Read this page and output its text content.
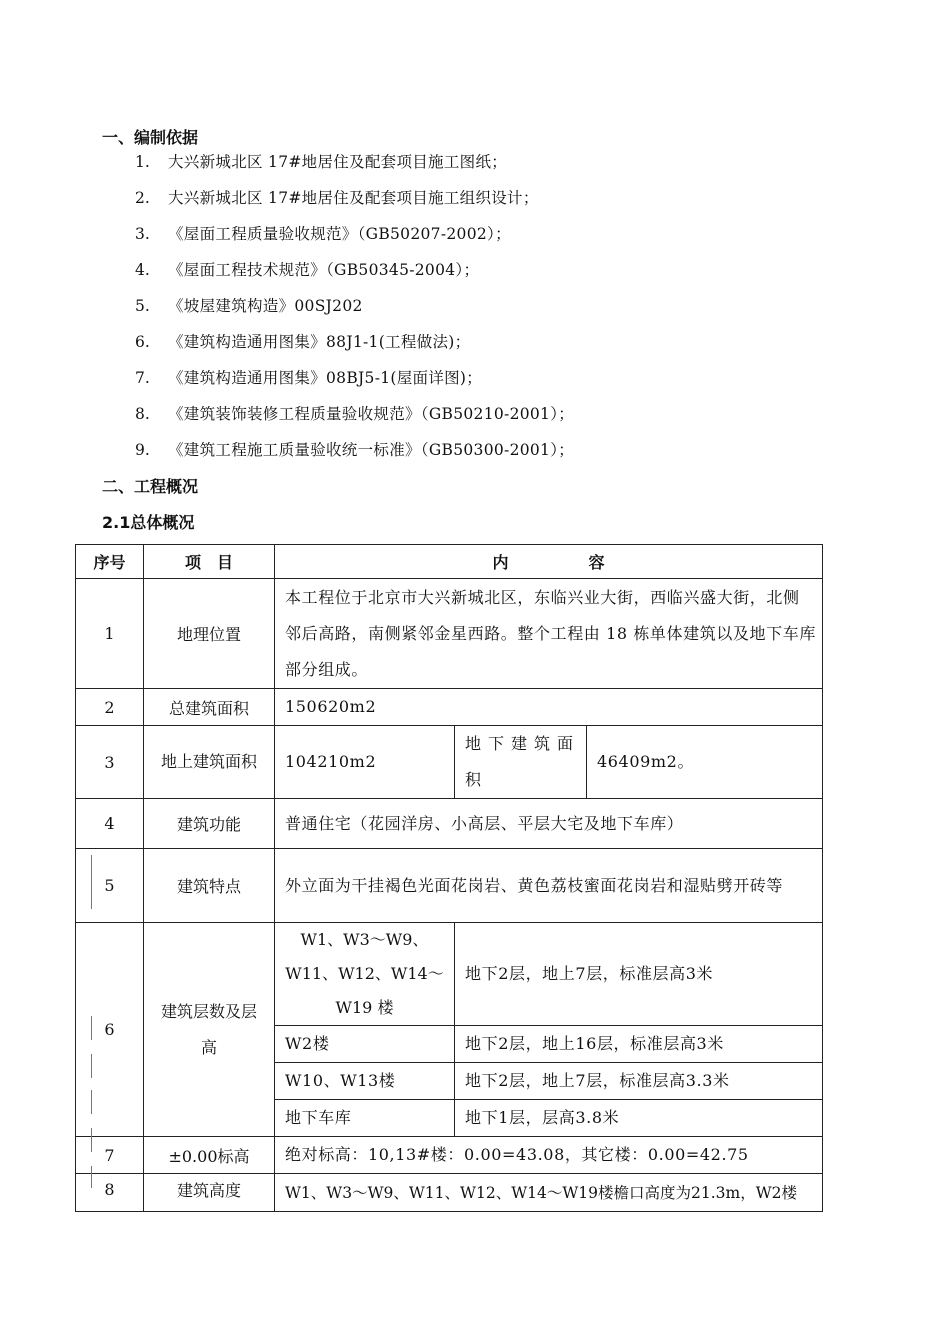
一、编制依据
1. 大兴新城北区 17#地居住及配套项目施工图纸；
2. 大兴新城北区 17#地居住及配套项目施工组织设计；
3. 《屋面工程质量验收规范》（GB50207-2002）；
4. 《屋面工程技术规范》（GB50345-2004）；
5. 《坡屋建筑构造》00SJ202
6. 《建筑构造通用图集》88J1-1(工程做法)；
7. 《建筑构造通用图集》08BJ5-1(屋面详图)；
8. 《建筑装饰装修工程质量验收规范》（GB50210-2001）；
9. 《建筑工程施工质量验收统一标准》（GB50300-2001）；
二、工程概况
2.1总体概况
序号	项　目	内　　　　　容		
1	地理位置	本工程位于北京市大兴新城北区，东临兴业大街，西临兴盛大街，北侧邻后高路，南侧紧邻金星西路。整个工程由 18 栋单体建筑以及地下车库部分组成。		
2	总建筑面积	150620m2		
3	地上建筑面积	104210m2	地下建筑面积	46409m2。
4	建筑功能	普通住宅（花园洋房、小高层、平层大宅及地下车库）		
5	建筑特点	外立面为干挂褐色光面花岗岩、黄色荔枝蜜面花岗岩和湿贴劈开砖等		
6	建筑层数及层高	W1、W3～W9、W11、W12、W14～W19 楼	地下2层，地上7层，标准层高3米	
		W2楼	地下2层，地上16层，标准层高3米	
		W10、W13楼	地下2层，地上7层，标准层高3.3米	
		地下车库	地下1层，层高3.8米	
7	±0.00标高	绝对标高：10,13#楼：0.00=43.08，其它楼：0.00=42.75		
8	建筑高度	W1、W3～W9、W11、W12、W14～W19楼檐口高度为21.3m，W2楼		
